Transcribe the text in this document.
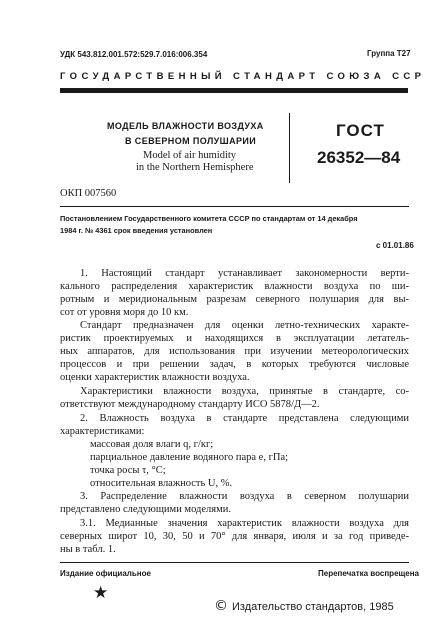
УДК 543.812.001.572:529.7.016:006.354	Группа Т27
ГОСУДАРСТВЕННЫЙ СТАНДАРТ СОЮЗА ССР
МОДЕЛЬ ВЛАЖНОСТИ ВОЗДУХА
В СЕВЕРНОМ ПОЛУШАРИИ
Model of air humidity
in the Northern Hemisphere
ГОСТ
26352—84
ОКП 007560
Постановлением Государственного комитета СССР по стандартам от 14 декабря
1984 г. № 4361 срок введения установлен
с 01.01.86
1. Настоящий стандарт устанавливает закономерности верти-
кального распределения характеристик влажности воздуха по ши-
ротным и меридиональным разрезам северного полушария для вы-
сот от уровня моря до 10 км.
Стандарт предназначен для оценки летно-технических характе-
ристик проектируемых и находящихся в эксплуатации летатель-
ных аппаратов, для использования при изучении метеорологических
процессов и при решении задач, в которых требуются числовые
оценки характеристик влажности воздуха.
Характеристики влажности воздуха, принятые в стандарте, со-
ответствуют международному стандарту ИСО 5878/Д—2.
2. Влажность воздуха в стандарте представлена следующими
характеристиками:
массовая доля влаги q, г/кг;
парциальное давление водяного пара e, гПа;
точка росы τ, °С;
относительная влажность U, %.
3. Распределение влажности воздуха в северном полушарии
представлено следующими моделями.
3.1. Медианные значения характеристик влажности воздуха для
северных широт 10, 30, 50 и 70° для января, июля и за год приведе-
ны в табл. 1.
Издание официальное	Перепечатка воспрещена
★
© Издательство стандартов, 1985
